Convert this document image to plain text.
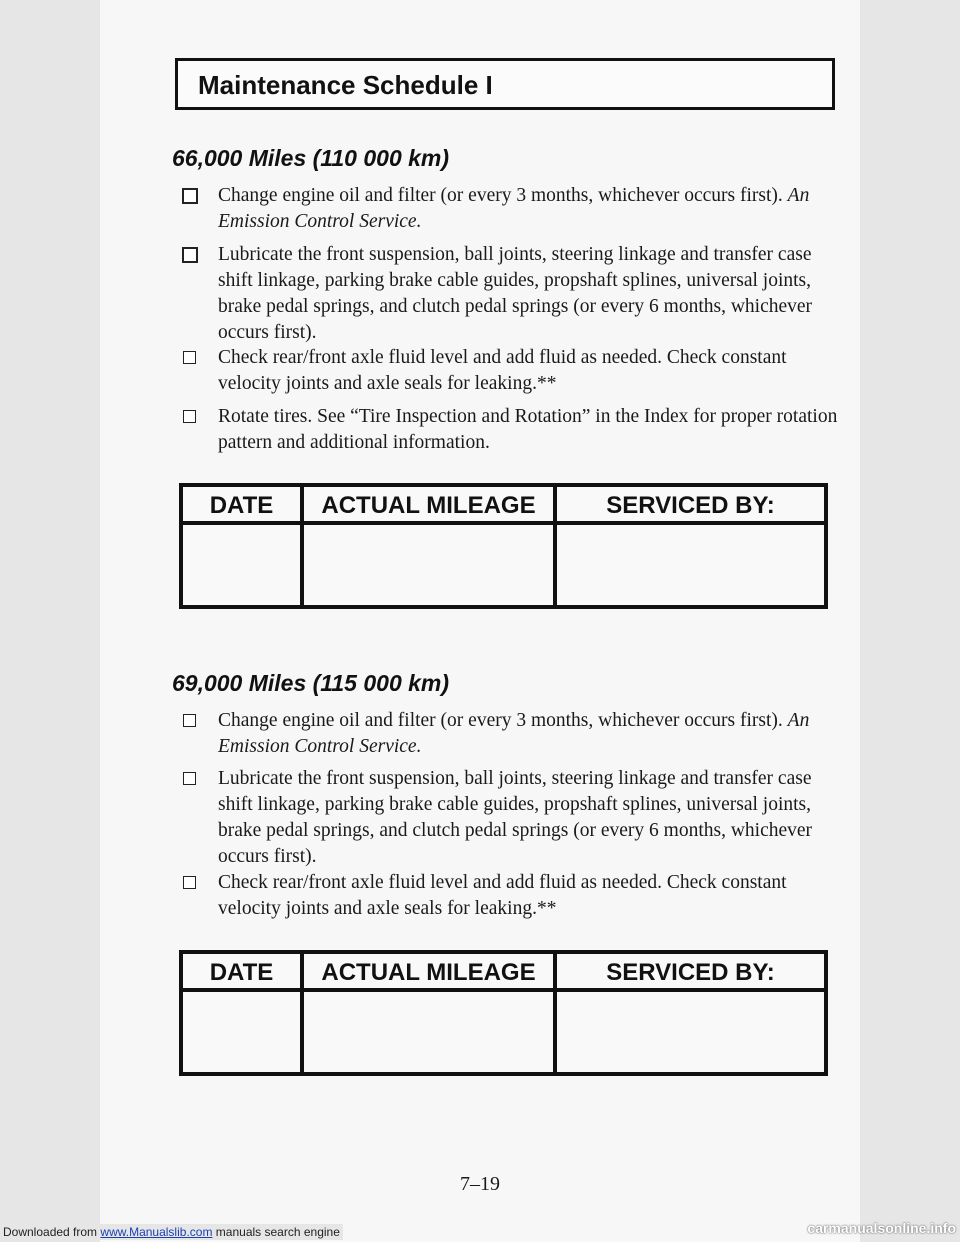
Maintenance Schedule I
66,000 Miles (110 000 km)
Change engine oil and filter (or every 3 months, whichever occurs first). An Emission Control Service.
Lubricate the front suspension, ball joints, steering linkage and transfer case shift linkage, parking brake cable guides, propshaft splines, universal joints, brake pedal springs, and clutch pedal springs (or every 6 months, whichever occurs first).
Check rear/front axle fluid level and add fluid as needed. Check constant velocity joints and axle seals for leaking.**
Rotate tires. See “Tire Inspection and Rotation” in the Index for proper rotation pattern and additional information.
DATE	ACTUAL MILEAGE	SERVICED BY:
69,000 Miles (115 000 km)
Change engine oil and filter (or every 3 months, whichever occurs first). An Emission Control Service.
Lubricate the front suspension, ball joints, steering linkage and transfer case shift linkage, parking brake cable guides, propshaft splines, universal joints, brake pedal springs, and clutch pedal springs (or every 6 months, whichever occurs first).
Check rear/front axle fluid level and add fluid as needed. Check constant velocity joints and axle seals for leaking.**
DATE	ACTUAL MILEAGE	SERVICED BY:
7–19
Downloaded from www.Manualslib.com manuals search engine	carmanualsonline.info
